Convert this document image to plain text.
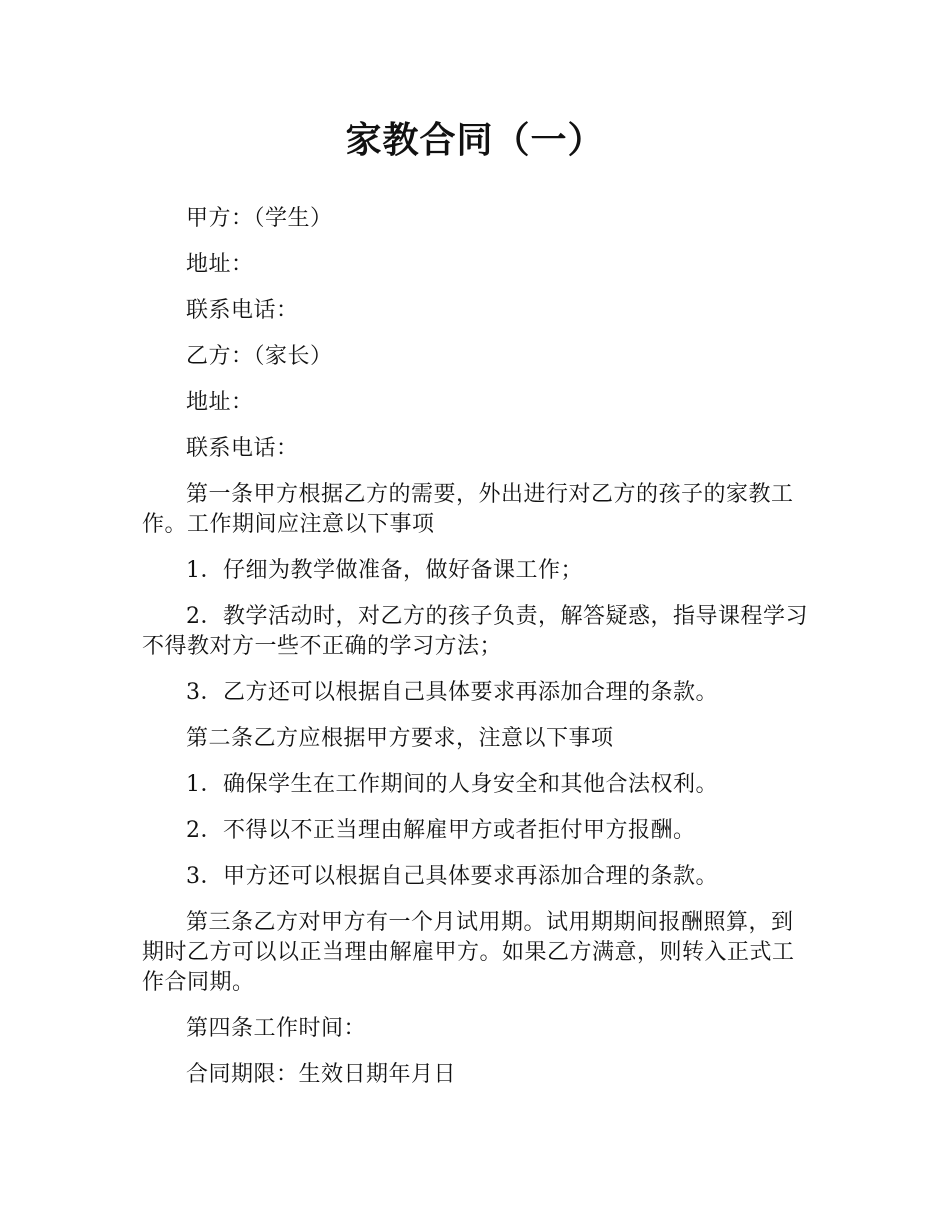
家教合同（一）

甲方：（学生）

地址：

联系电话：

乙方：（家长）

地址：

联系电话：

第一条甲方根据乙方的需要，外出进行对乙方的孩子的家教工作。工作期间应注意以下事项

1．仔细为教学做准备，做好备课工作；

2．教学活动时，对乙方的孩子负责，解答疑惑，指导课程学习不得教对方一些不正确的学习方法；

3．乙方还可以根据自己具体要求再添加合理的条款。

第二条乙方应根据甲方要求，注意以下事项

1．确保学生在工作期间的人身安全和其他合法权利。

2．不得以不正当理由解雇甲方或者拒付甲方报酬。

3．甲方还可以根据自己具体要求再添加合理的条款。

第三条乙方对甲方有一个月试用期。试用期期间报酬照算，到期时乙方可以以正当理由解雇甲方。如果乙方满意，则转入正式工作合同期。

第四条工作时间：

合同期限：生效日期年月日
